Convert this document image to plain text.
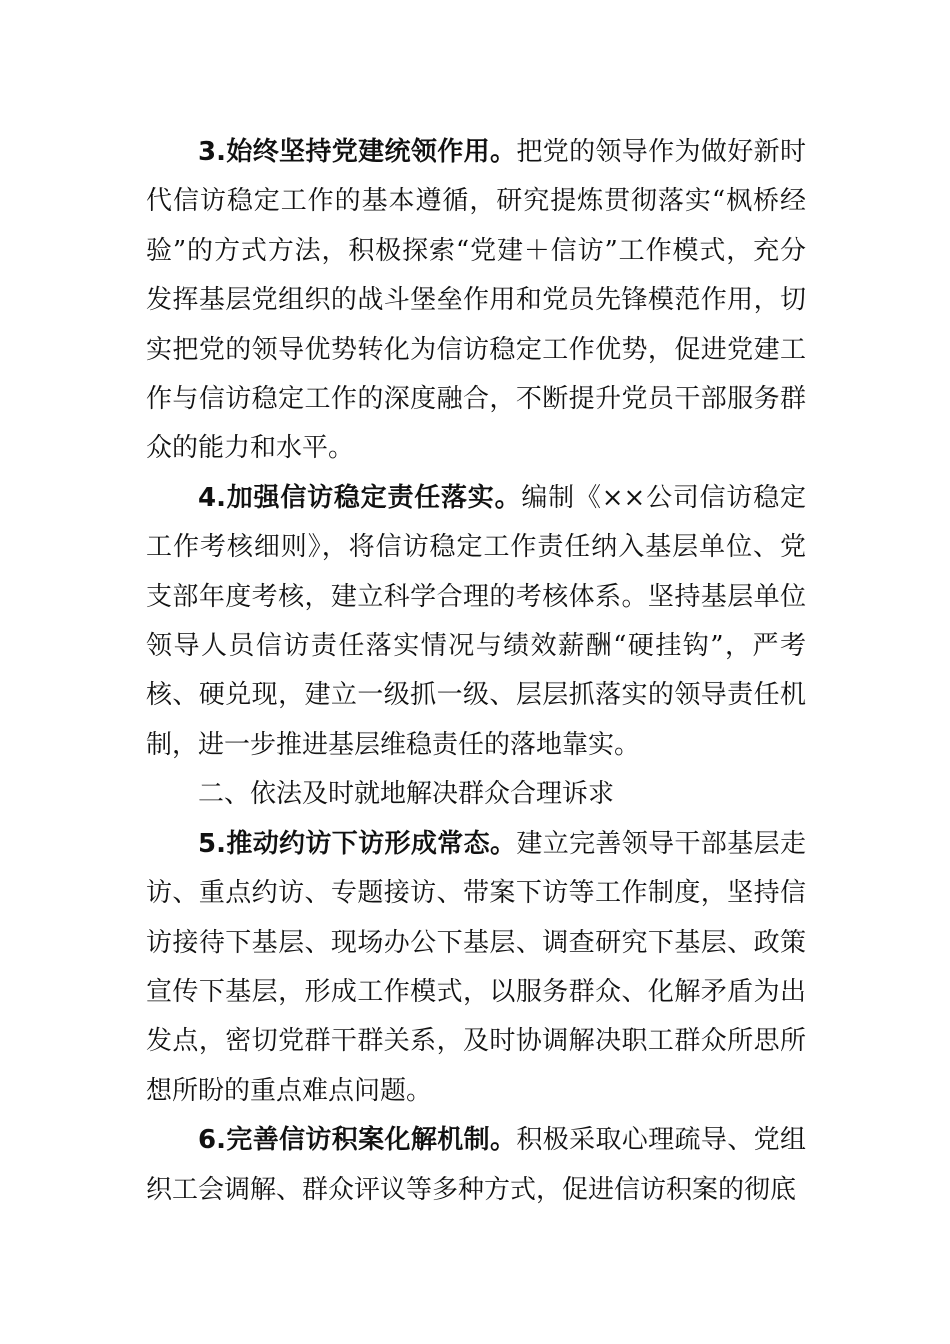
3.始终坚持党建统领作用。把党的领导作为做好新时代信访稳定工作的基本遵循，研究提炼贯彻落实“枫桥经验”的方式方法，积极探索“党建＋信访”工作模式，充分发挥基层党组织的战斗堡垒作用和党员先锋模范作用，切实把党的领导优势转化为信访稳定工作优势，促进党建工作与信访稳定工作的深度融合，不断提升党员干部服务群众的能力和水平。

4.加强信访稳定责任落实。编制《××公司信访稳定工作考核细则》，将信访稳定工作责任纳入基层单位、党支部年度考核，建立科学合理的考核体系。坚持基层单位领导人员信访责任落实情况与绩效薪酬“硬挂钩”，严考核、硬兑现，建立一级抓一级、层层抓落实的领导责任机制，进一步推进基层维稳责任的落地靠实。

二、依法及时就地解决群众合理诉求

5.推动约访下访形成常态。建立完善领导干部基层走访、重点约访、专题接访、带案下访等工作制度，坚持信访接待下基层、现场办公下基层、调查研究下基层、政策宣传下基层，形成工作模式，以服务群众、化解矛盾为出发点，密切党群干群关系，及时协调解决职工群众所思所想所盼的重点难点问题。

6.完善信访积案化解机制。积极采取心理疏导、党组织工会调解、群众评议等多种方式，促进信访积案的彻底
